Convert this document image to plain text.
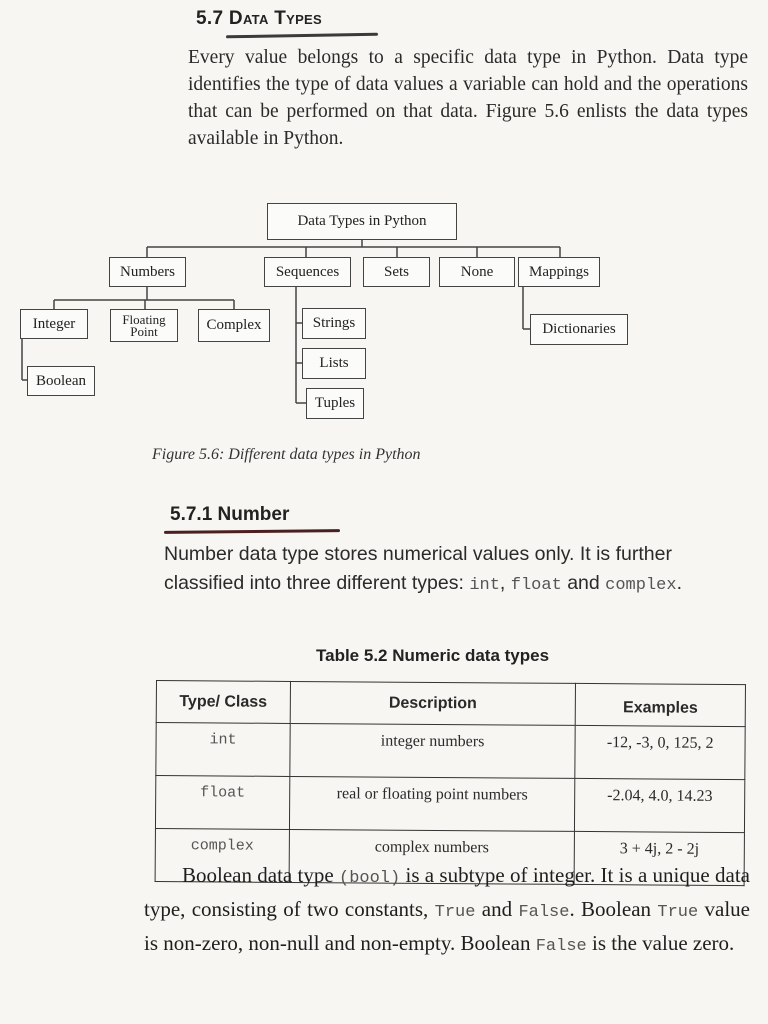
5.7 Data Types

Every value belongs to a specific data type in Python. Data type identifies the type of data values a variable can hold and the operations that can be performed on that data. Figure 5.6 enlists the data types available in Python.

Data Types in Python
Numbers	Sequences	Sets	None	Mappings
Integer	Floating
Point	Complex
Boolean
Strings
Lists
Tuples
Dictionaries
Figure 5.6: Different data types in Python
5.7.1 Number

Number data type stores numerical values only. It is further classified into three different types: int, float and complex.

Table 5.2 Numeric data types
Type/ Class	Description	Examples
int	integer numbers	-12, -3, 0, 125, 2
float	real or floating point numbers	-2.04, 4.0, 14.23
complex	complex numbers	3 + 4j, 2 - 2j

Boolean data type (bool) is a subtype of integer. It is a unique data type, consisting of two constants, True and False. Boolean True value is non-zero, non-null and non-empty. Boolean False is the value zero.
